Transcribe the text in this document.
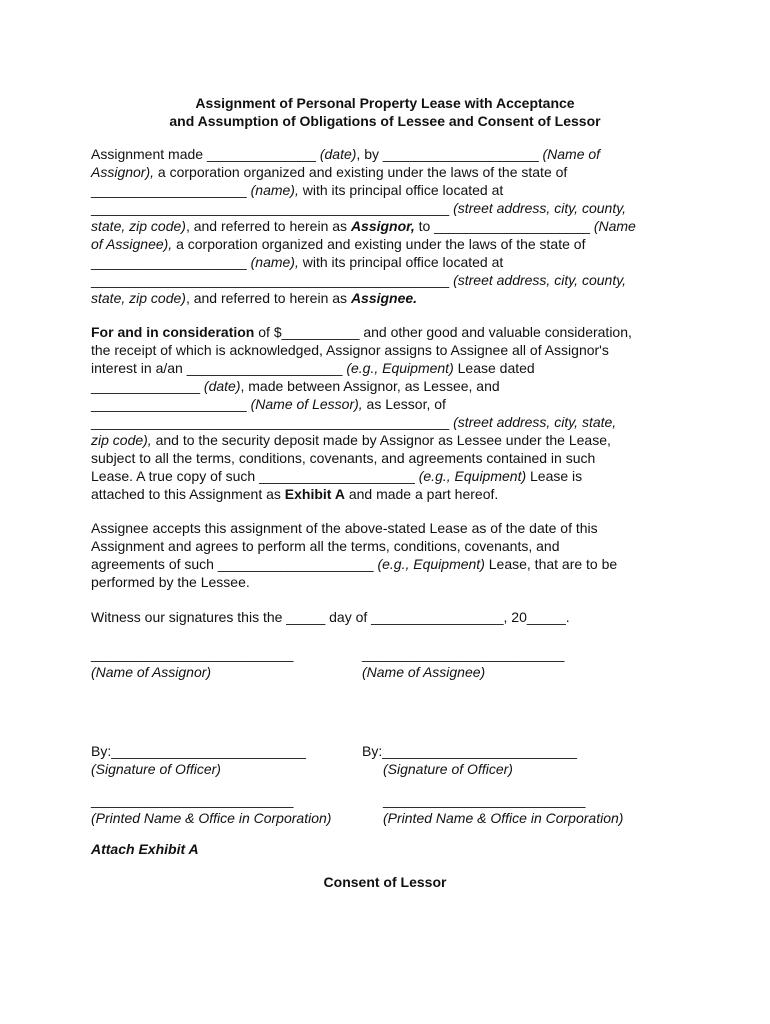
Assignment of Personal Property Lease with Acceptance
and Assumption of Obligations of Lessee and Consent of Lessor
Assignment made ______________ (date), by ____________________ (Name of
Assignor), a corporation organized and existing under the laws of the state of
____________________ (name), with its principal office located at
______________________________________________ (street address, city, county,
state, zip code), and referred to herein as Assignor, to ____________________ (Name
of Assignee), a corporation organized and existing under the laws of the state of
____________________ (name), with its principal office located at
______________________________________________ (street address, city, county,
state, zip code), and referred to herein as Assignee.
For and in consideration of $__________ and other good and valuable consideration,
the receipt of which is acknowledged, Assignor assigns to Assignee all of Assignor's
interest in a/an ____________________ (e.g., Equipment) Lease dated
______________ (date), made between Assignor, as Lessee, and
____________________ (Name of Lessor), as Lessor, of
______________________________________________ (street address, city, state,
zip code), and to the security deposit made by Assignor as Lessee under the Lease,
subject to all the terms, conditions, covenants, and agreements contained in such
Lease. A true copy of such ____________________ (e.g., Equipment) Lease is
attached to this Assignment as Exhibit A and made a part hereof.
Assignee accepts this assignment of the above-stated Lease as of the date of this
Assignment and agrees to perform all the terms, conditions, covenants, and
agreements of such ____________________ (e.g., Equipment) Lease, that are to be
performed by the Lessee.
Witness our signatures this the _____ day of _________________, 20_____.
__________________________
(Name of Assignor)
__________________________
(Name of Assignee)
By:_________________________
(Signature of Officer)
By:_________________________
(Signature of Officer)
__________________________
(Printed Name & Office in Corporation)
__________________________
(Printed Name & Office in Corporation)
Attach Exhibit A
Consent of Lessor
